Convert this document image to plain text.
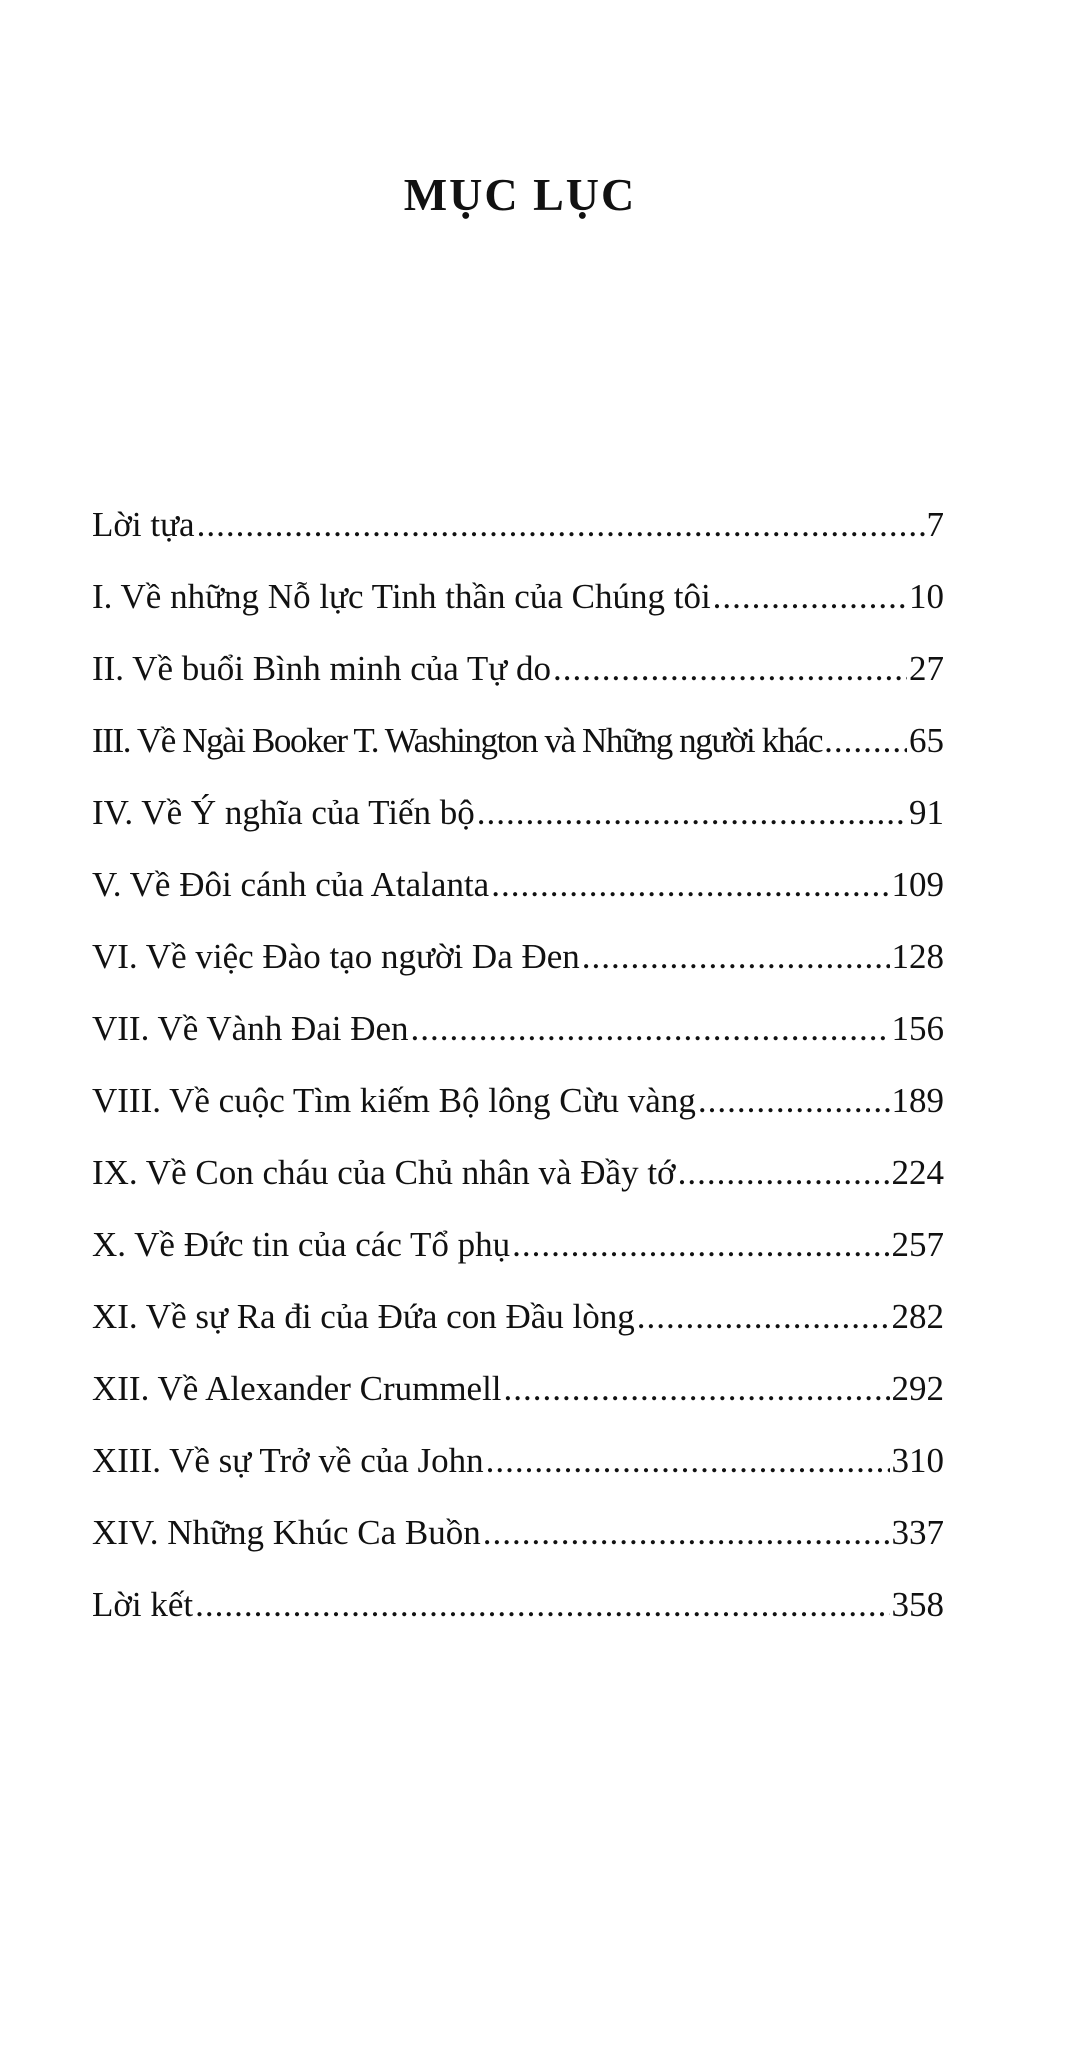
MỤC LỤC
Lời tựa .....	7
I. Về những Nỗ lực Tinh thần của Chúng tôi .....	10
II. Về buổi Bình minh của Tự do .....	27
III. Về Ngài Booker T. Washington và Những người khác ..... 65
IV. Về Ý nghĩa của Tiến bộ .....	91
V. Về Đôi cánh của Atalanta .....	109
VI. Về việc Đào tạo người Da Đen .....	128
VII. Về Vành Đai Đen .....	156
VIII. Về cuộc Tìm kiếm Bộ lông Cừu vàng .....	189
IX. Về Con cháu của Chủ nhân và Đầy tớ .....	224
X. Về Đức tin của các Tổ phụ .....	257
XI. Về sự Ra đi của Đứa con Đầu lòng .....	282
XII. Về Alexander Crummell .....	292
XIII. Về sự Trở về của John .....	310
XIV. Những Khúc Ca Buồn .....	337
Lời kết .....	358
